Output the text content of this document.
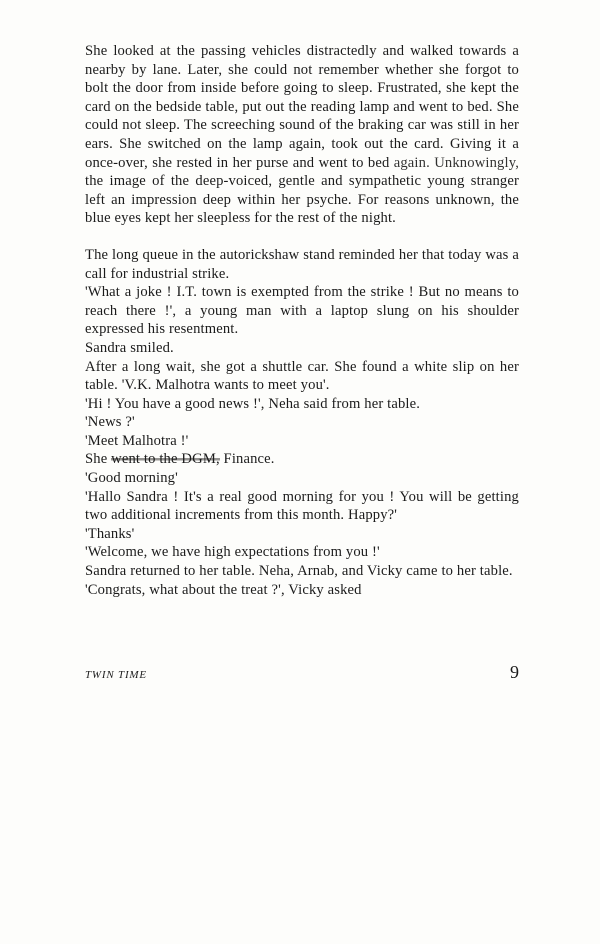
She looked at the passing vehicles distractedly and walked towards a nearby by lane. Later, she could not remember whether she forgot to bolt the door from inside before going to sleep. Frustrated, she kept the card on the bedside table, put out the reading lamp and went to bed. She could not sleep. The screeching sound of the braking car was still in her ears. She switched on the lamp again, took out the card. Giving it a once-over, she rested in her purse and went to bed again. Unknowingly, the image of the deep-voiced, gentle and sympathetic young stranger left an impression deep within her psyche. For reasons unknown, the blue eyes kept her sleepless for the rest of the night.

The long queue in the autorickshaw stand reminded her that today was a call for industrial strike.

'What a joke ! I.T. town is exempted from the strike ! But no means to reach there !', a young man with a laptop slung on his shoulder expressed his resentment.

Sandra smiled.

After a long wait, she got a shuttle car. She found a white slip on her table. 'V.K. Malhotra wants to meet you'.

'Hi ! You have a good news !', Neha said from her table.

'News ?'

'Meet Malhotra !'

She went to the DGM, Finance.

'Good morning'

'Hallo Sandra ! It's a real good morning for you ! You will be getting two additional increments from this month. Happy?'

'Thanks'

'Welcome, we have high expectations from you !'

Sandra returned to her table. Neha, Arnab, and Vicky came to her table.

'Congrats, what about the treat ?', Vicky asked

TWIN TIME	9
